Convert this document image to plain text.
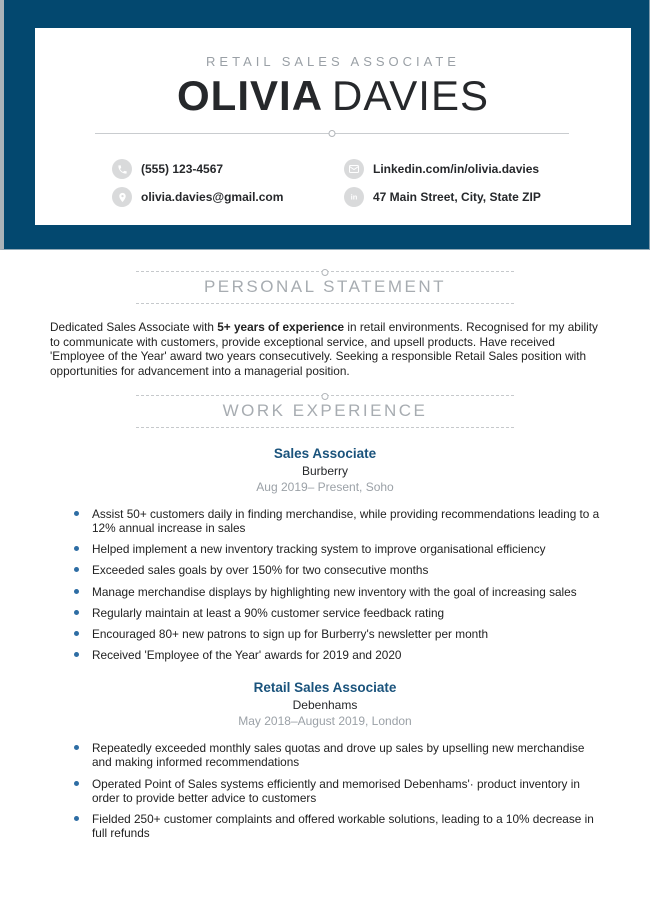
RETAIL SALES ASSOCIATE
OLIVIA DAVIES
(555) 123-4567	Linkedin.com/in/olivia.davies
olivia.davies@gmail.com	in 47 Main Street, City, State ZIP
PERSONAL STATEMENT

Dedicated Sales Associate with 5+ years of experience in retail environments. Recognised for my ability to communicate with customers, provide exceptional service, and upsell products. Have received 'Employee of the Year' award two years consecutively. Seeking a responsible Retail Sales position with opportunities for advancement into a managerial position.

WORK EXPERIENCE
Sales Associate
Burberry
Aug 2019– Present, Soho
Assist 50+ customers daily in finding merchandise, while providing recommendations leading to a 12% annual increase in sales
Helped implement a new inventory tracking system to improve organisational efficiency
Exceeded sales goals by over 150% for two consecutive months
Manage merchandise displays by highlighting new inventory with the goal of increasing sales
Regularly maintain at least a 90% customer service feedback rating
Encouraged 80+ new patrons to sign up for Burberry's newsletter per month
Received 'Employee of the Year' awards for 2019 and 2020
Retail Sales Associate
Debenhams
May 2018–August 2019, London
Repeatedly exceeded monthly sales quotas and drove up sales by upselling new merchandise and making informed recommendations
Operated Point of Sales systems efficiently and memorised Debenhams'· product inventory in order to provide better advice to customers
Fielded 250+ customer complaints and offered workable solutions, leading to a 10% decrease in full refunds
